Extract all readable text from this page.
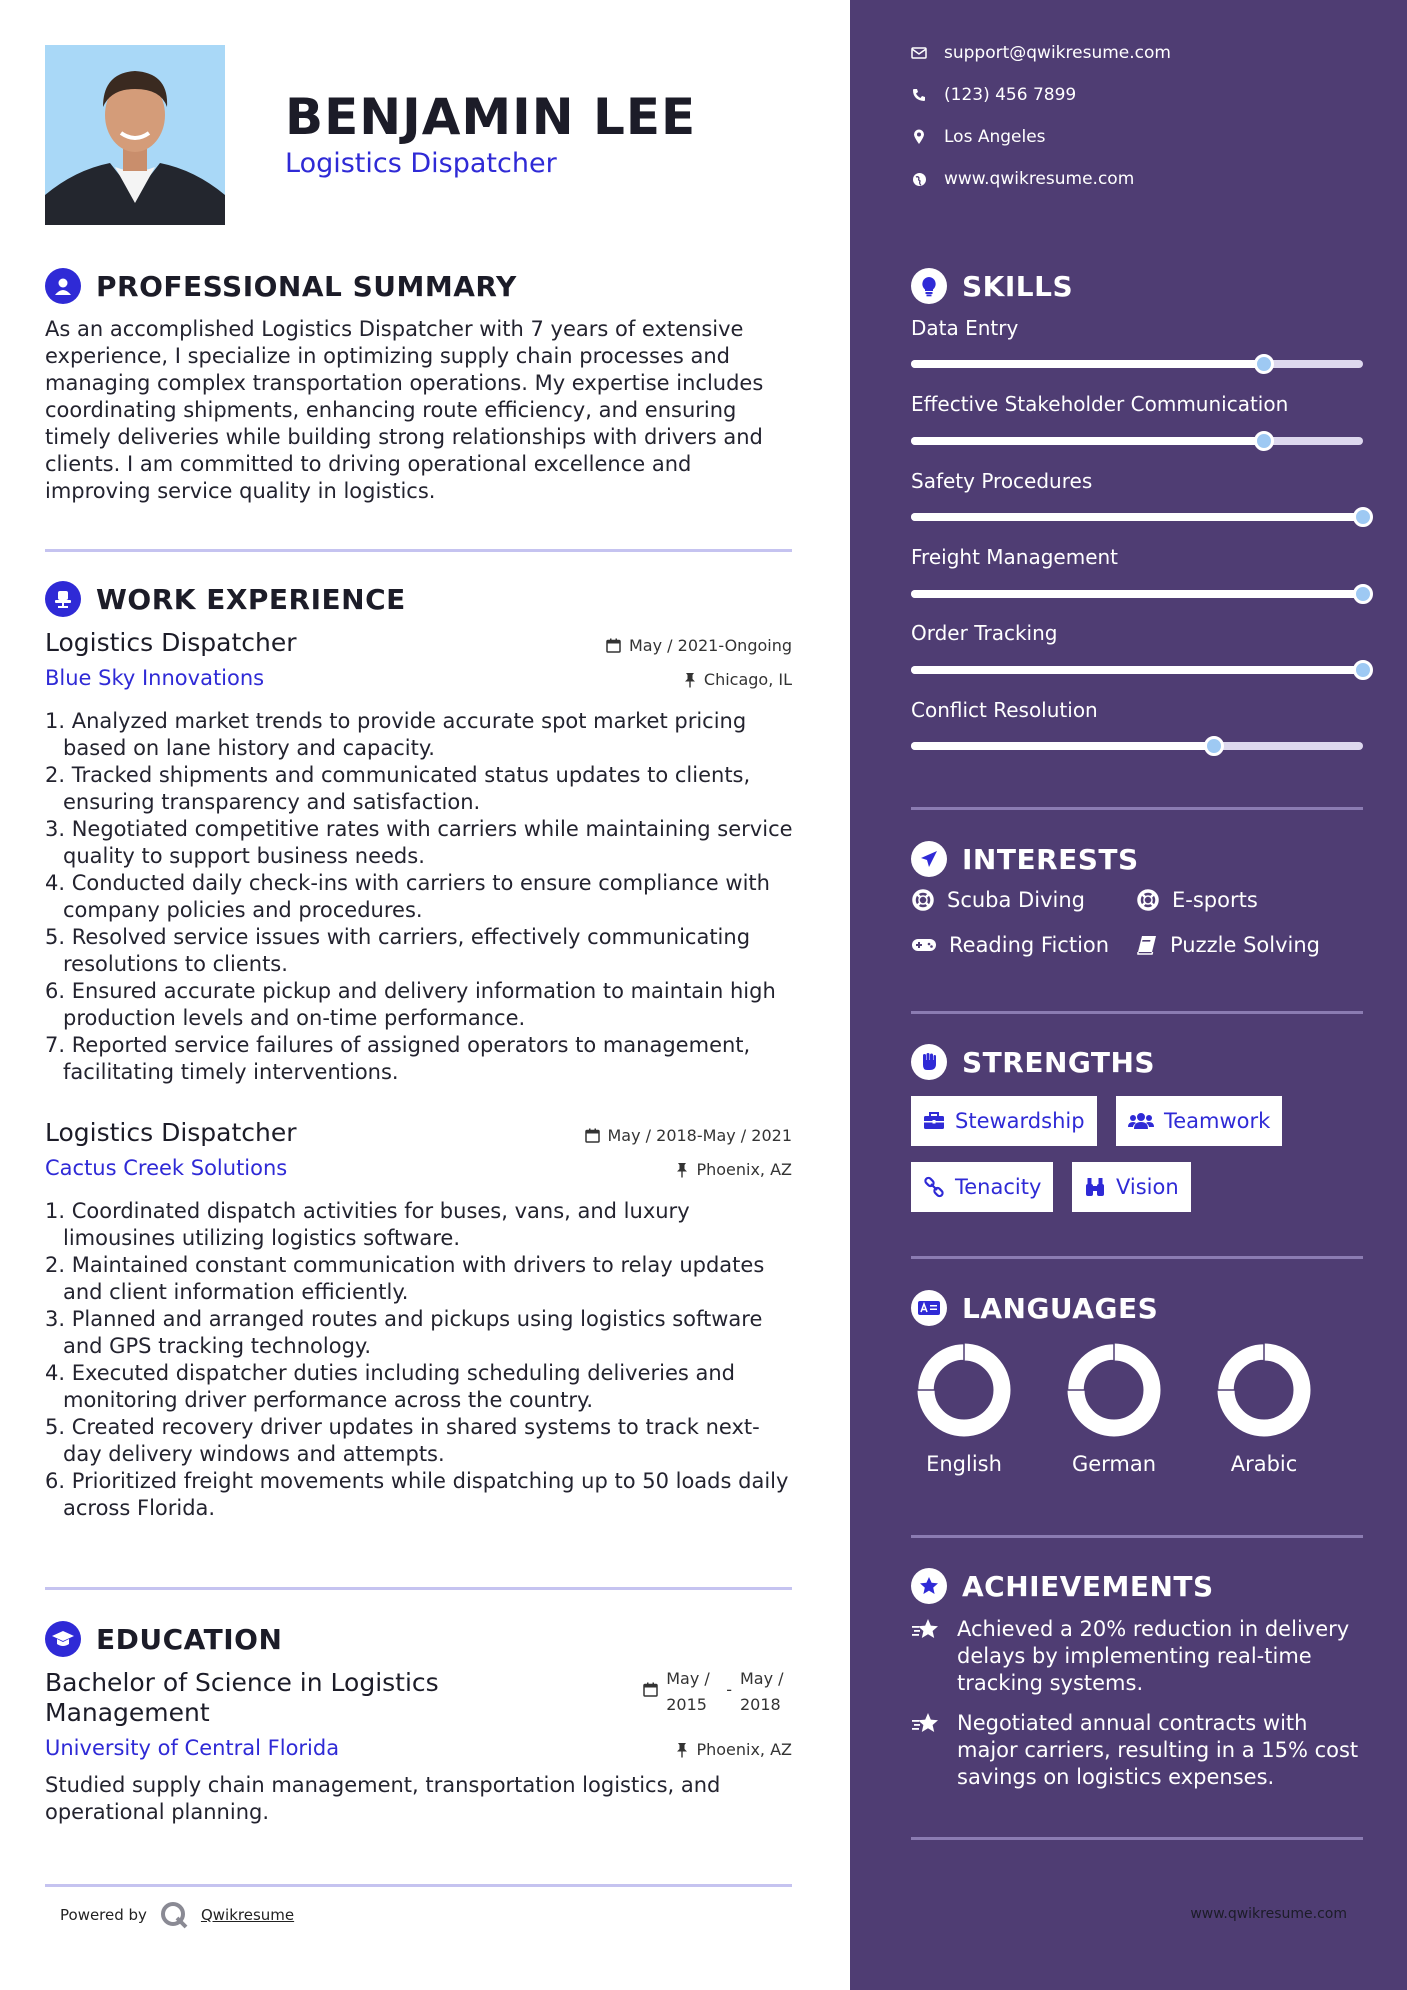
BENJAMIN LEE
Logistics Dispatcher
PROFESSIONAL SUMMARY
As an accomplished Logistics Dispatcher with 7 years of extensive experience, I specialize in optimizing supply chain processes and managing complex transportation operations. My expertise includes coordinating shipments, enhancing route efficiency, and ensuring timely deliveries while building strong relationships with drivers and clients. I am committed to driving operational excellence and improving service quality in logistics.
WORK EXPERIENCE
Logistics Dispatcher	May / 2021-Ongoing
Blue Sky Innovations	Chicago, IL
1. Analyzed market trends to provide accurate spot market pricing based on lane history and capacity.
2. Tracked shipments and communicated status updates to clients, ensuring transparency and satisfaction.
3. Negotiated competitive rates with carriers while maintaining service quality to support business needs.
4. Conducted daily check-ins with carriers to ensure compliance with company policies and procedures.
5. Resolved service issues with carriers, effectively communicating resolutions to clients.
6. Ensured accurate pickup and delivery information to maintain high production levels and on-time performance.
7. Reported service failures of assigned operators to management, facilitating timely interventions.
Logistics Dispatcher	May / 2018-May / 2021
Cactus Creek Solutions	Phoenix, AZ
1. Coordinated dispatch activities for buses, vans, and luxury limousines utilizing logistics software.
2. Maintained constant communication with drivers to relay updates and client information efficiently.
3. Planned and arranged routes and pickups using logistics software and GPS tracking technology.
4. Executed dispatcher duties including scheduling deliveries and monitoring driver performance across the country.
5. Created recovery driver updates in shared systems to track next-day delivery windows and attempts.
6. Prioritized freight movements while dispatching up to 50 loads daily across Florida.
EDUCATION
Bachelor of Science in Logistics Management
May / 2015
-
May / 2018
University of Central Florida	Phoenix, AZ
Studied supply chain management, transportation logistics, and operational planning.
Powered by	Qwikresume
support@qwikresume.com
(123) 456 7899
Los Angeles
www.qwikresume.com
SKILLS
Data Entry
Effective Stakeholder Communication
Safety Procedures
Freight Management
Order Tracking
Conflict Resolution
INTERESTS
Scuba Diving	E-sports
Reading Fiction	Puzzle Solving
STRENGTHS
Stewardship	Teamwork
Tenacity	Vision
LANGUAGES
English	German	Arabic
ACHIEVEMENTS
Achieved a 20% reduction in delivery delays by implementing real-time tracking systems.
Negotiated annual contracts with major carriers, resulting in a 15% cost savings on logistics expenses.
www.qwikresume.com
